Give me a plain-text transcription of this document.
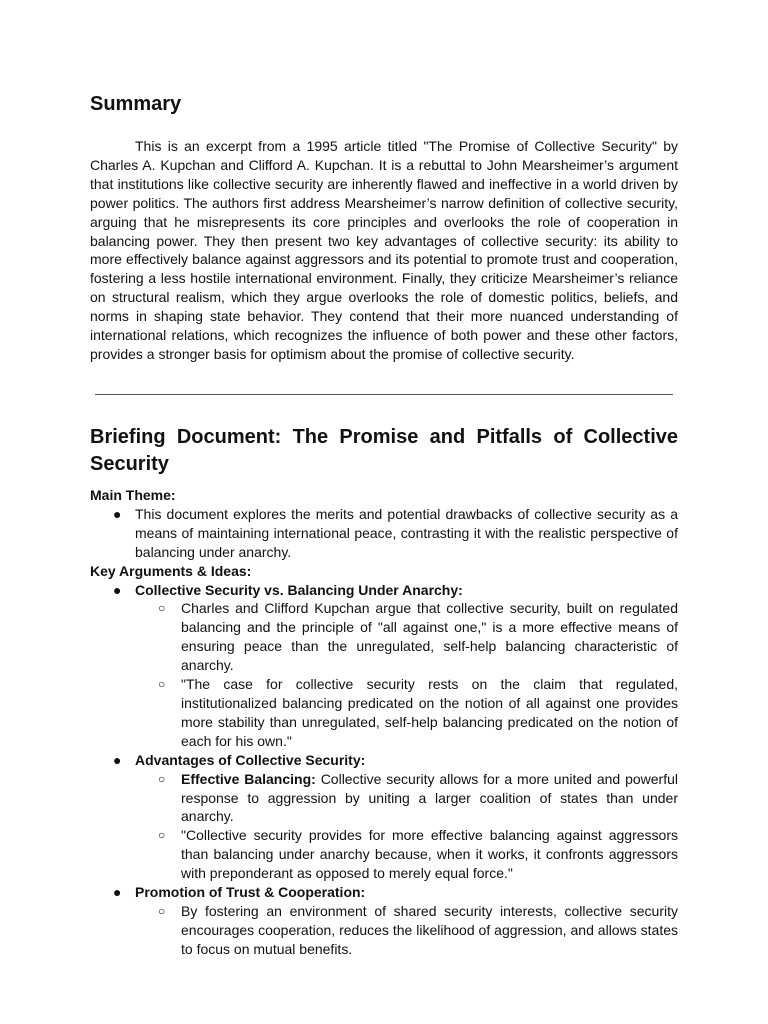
Summary

This is an excerpt from a 1995 article titled "The Promise of Collective Security" by Charles A. Kupchan and Clifford A. Kupchan. It is a rebuttal to John Mearsheimer’s argument that institutions like collective security are inherently flawed and ineffective in a world driven by power politics. The authors first address Mearsheimer’s narrow definition of collective security, arguing that he misrepresents its core principles and overlooks the role of cooperation in balancing power. They then present two key advantages of collective security: its ability to more effectively balance against aggressors and its potential to promote trust and cooperation, fostering a less hostile international environment. Finally, they criticize Mearsheimer’s reliance on structural realism, which they argue overlooks the role of domestic politics, beliefs, and norms in shaping state behavior. They contend that their more nuanced understanding of international relations, which recognizes the influence of both power and these other factors, provides a stronger basis for optimism about the promise of collective security.

Briefing Document: The Promise and Pitfalls of Collective Security

Main Theme:

● This document explores the merits and potential drawbacks of collective security as a means of maintaining international peace, contrasting it with the realistic perspective of balancing under anarchy.

Key Arguments & Ideas:

● Collective Security vs. Balancing Under Anarchy:
○ Charles and Clifford Kupchan argue that collective security, built on regulated balancing and the principle of "all against one," is a more effective means of ensuring peace than the unregulated, self-help balancing characteristic of anarchy.
○ "The case for collective security rests on the claim that regulated, institutionalized balancing predicated on the notion of all against one provides more stability than unregulated, self-help balancing predicated on the notion of each for his own."
● Advantages of Collective Security:
○ Effective Balancing: Collective security allows for a more united and powerful response to aggression by uniting a larger coalition of states than under anarchy.
○ "Collective security provides for more effective balancing against aggressors than balancing under anarchy because, when it works, it confronts aggressors with preponderant as opposed to merely equal force."
● Promotion of Trust & Cooperation:
○ By fostering an environment of shared security interests, collective security encourages cooperation, reduces the likelihood of aggression, and allows states to focus on mutual benefits.
